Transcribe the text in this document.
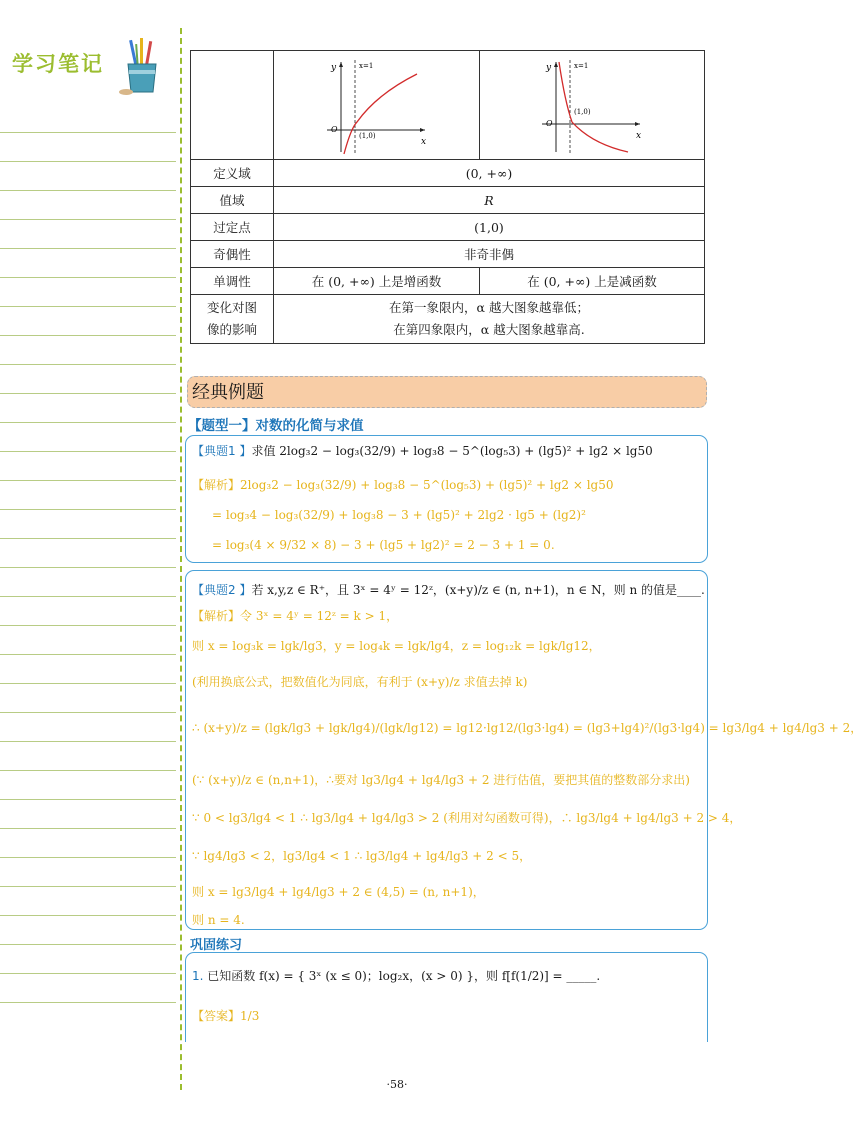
学习笔记

y
x
O
(1,0)
x=1	y
x
O
(1,0)
x=1

定义域	(0, +∞)	
值域	R	
过定点	(1,0)	
奇偶性	非奇非偶	
单调性	在 (0, +∞) 上是增函数	在 (0, +∞) 上是减函数
变化对图
像的影响	在第一象限内，α 越大图象越靠低；
在第四象限内，α 越大图象越靠高.	
经典例题
【题型一】对数的化简与求值
【典题1 】求值 2log₃2 − log₃(32/9) + log₃8 − 5^(log₅3) + (lg5)² + lg2 × lg50
【解析】2log₃2 − log₃(32/9) + log₃8 − 5^(log₅3) + (lg5)² + lg2 × lg50
= log₃4 − log₃(32/9) + log₃8 − 3 + (lg5)² + 2lg2 · lg5 + (lg2)²
= log₃(4 × 9/32 × 8) − 3 + (lg5 + lg2)² = 2 − 3 + 1 = 0.
【典题2 】若 x,y,z ∈ R⁺，且 3ˣ = 4ʸ = 12ᶻ，(x+y)/z ∈ (n, n+1)，n ∈ N，则 n 的值是____.
【解析】令 3ˣ = 4ʸ = 12ᶻ = k > 1，
则 x = log₃k = lgk/lg3，y = log₄k = lgk/lg4，z = log₁₂k = lgk/lg12，
(利用换底公式，把数值化为同底，有利于 (x+y)/z 求值去掉 k)
∴ (x+y)/z = (lgk/lg3 + lgk/lg4)/(lgk/lg12) = lg12·lg12/(lg3·lg4) = (lg3+lg4)²/(lg3·lg4) = lg3/lg4 + lg4/lg3 + 2，
(∵ (x+y)/z ∈ (n,n+1)，∴要对 lg3/lg4 + lg4/lg3 + 2 进行估值，要把其值的整数部分求出)
∵ 0 < lg3/lg4 < 1 ∴ lg3/lg4 + lg4/lg3 > 2 (利用对勾函数可得)，∴ lg3/lg4 + lg4/lg3 + 2 > 4，
∵ lg4/lg3 < 2，lg3/lg4 < 1 ∴ lg3/lg4 + lg4/lg3 + 2 < 5，
则 x = lg3/lg4 + lg4/lg3 + 2 ∈ (4,5) = (n, n+1)，
则 n = 4.
巩固练习
1. 已知函数 f(x) = { 3ˣ (x ≤ 0)；log₂x，(x > 0) }，则 f[f(1/2)] = _____.
【答案】1/3
·58·
